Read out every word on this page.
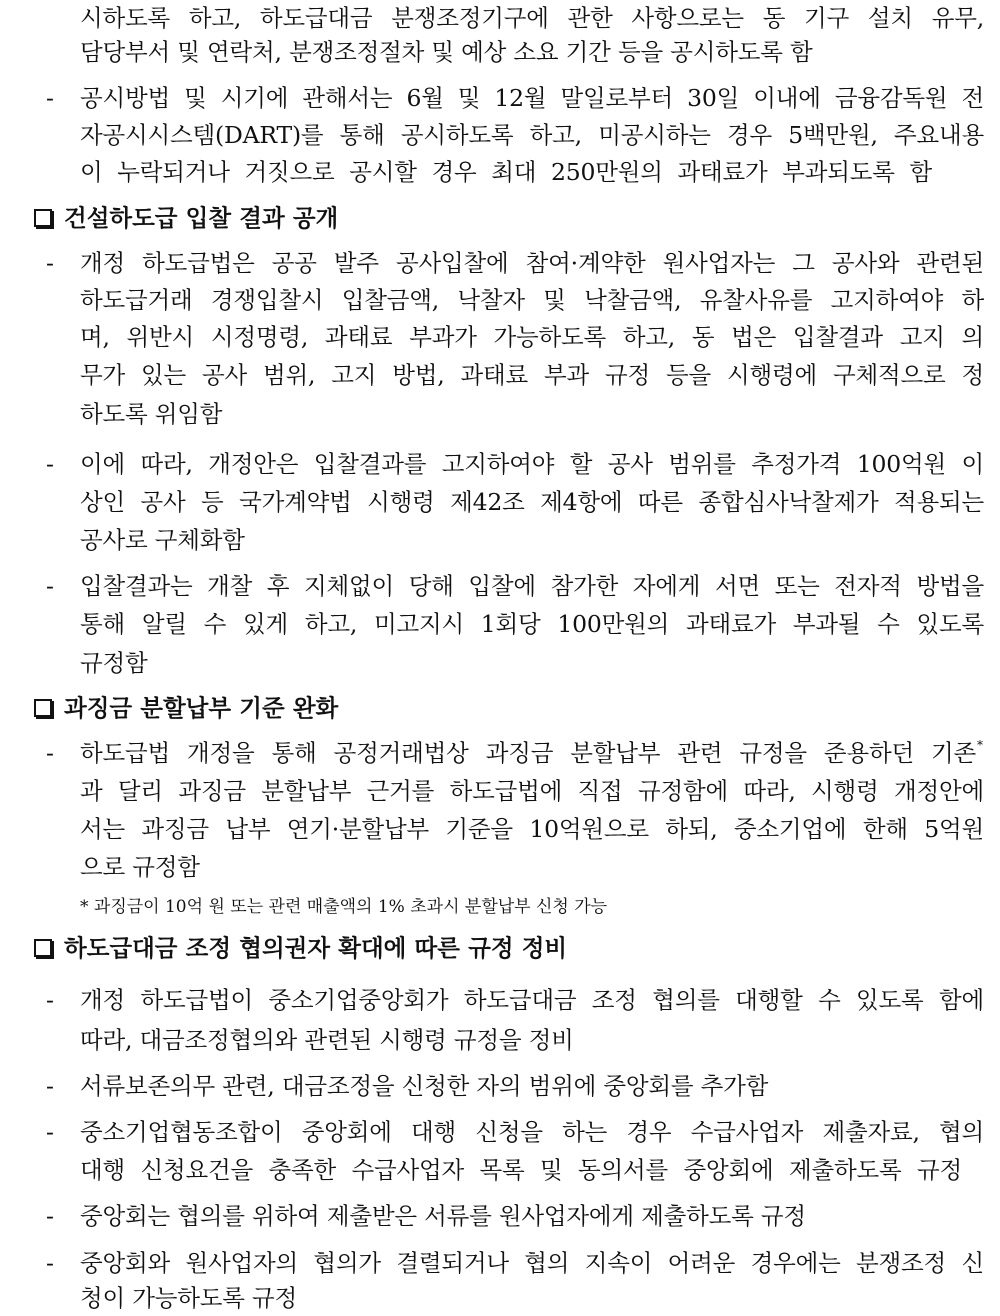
시하도록 하고, 하도급대금 분쟁조정기구에 관한 사항으로는 동 기구 설치 유무,
담당부서 및 연락처, 분쟁조정절차 및 예상 소요 기간 등을 공시하도록 함
- 공시방법 및 시기에 관해서는 6월 및 12월 말일로부터 30일 이내에 금융감독원 전
자공시시스템(DART)를 통해 공시하도록 하고, 미공시하는 경우 5백만원, 주요내용
이 누락되거나 거짓으로 공시할 경우 최대 250만원의 과태료가 부과되도록 함
건설하도급 입찰 결과 공개
- 개정 하도급법은 공공 발주 공사입찰에 참여·계약한 원사업자는 그 공사와 관련된
하도급거래 경쟁입찰시 입찰금액, 낙찰자 및 낙찰금액, 유찰사유를 고지하여야 하
며, 위반시 시정명령, 과태료 부과가 가능하도록 하고, 동 법은 입찰결과 고지 의
무가 있는 공사 범위, 고지 방법, 과태료 부과 규정 등을 시행령에 구체적으로 정
하도록 위임함
- 이에 따라, 개정안은 입찰결과를 고지하여야 할 공사 범위를 추정가격 100억원 이
상인 공사 등 국가계약법 시행령 제42조 제4항에 따른 종합심사낙찰제가 적용되는
공사로 구체화함
- 입찰결과는 개찰 후 지체없이 당해 입찰에 참가한 자에게 서면 또는 전자적 방법을
통해 알릴 수 있게 하고, 미고지시 1회당 100만원의 과태료가 부과될 수 있도록
규정함
과징금 분할납부 기준 완화
- 하도급법 개정을 통해 공정거래법상 과징금 분할납부 관련 규정을 준용하던 기존 *
과 달리 과징금 분할납부 근거를 하도급법에 직접 규정함에 따라, 시행령 개정안에
서는 과징금 납부 연기·분할납부 기준을 10억원으로 하되, 중소기업에 한해 5억원
으로 규정함
* 과징금이 10억 원 또는 관련 매출액의 1% 초과시 분할납부 신청 가능
하도급대금 조정 협의권자 확대에 따른 규정 정비
- 개정 하도급법이 중소기업중앙회가 하도급대금 조정 협의를 대행할 수 있도록 함에
따라, 대금조정협의와 관련된 시행령 규정을 정비
- 서류보존의무 관련, 대금조정을 신청한 자의 범위에 중앙회를 추가함
- 중소기업협동조합이 중앙회에 대행 신청을 하는 경우 수급사업자 제출자료, 협의
대행 신청요건을 충족한 수급사업자 목록 및 동의서를 중앙회에 제출하도록 규정
- 중앙회는 협의를 위하여 제출받은 서류를 원사업자에게 제출하도록 규정
- 중앙회와 원사업자의 협의가 결렬되거나 협의 지속이 어려운 경우에는 분쟁조정 신
청이 가능하도록 규정
